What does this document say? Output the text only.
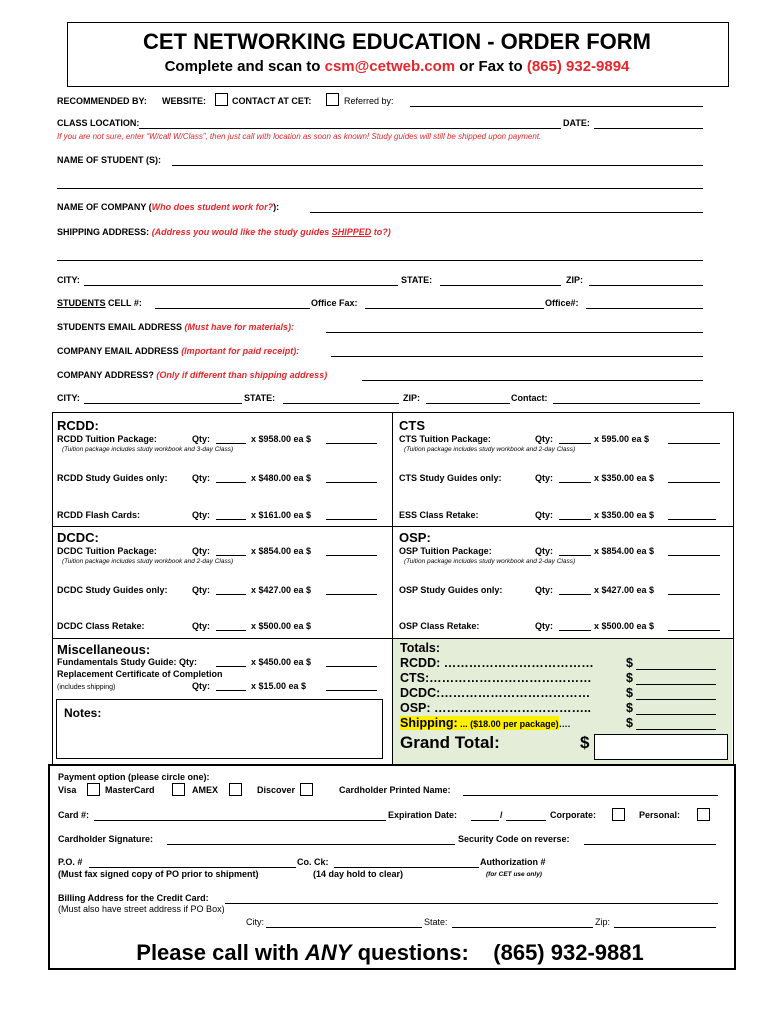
CET NETWORKING EDUCATION - ORDER FORM
Complete and scan to csm@cetweb.com or Fax to (865) 932-9894
RECOMMENDED BY: WEBSITE:	CONTACT AT CET:	Referred by:
CLASS LOCATION:	DATE:
If you are not sure, enter “W/call W/Class”, then just call with location as soon as known! Study guides will still be shipped upon payment.
NAME OF STUDENT (S):
NAME OF COMPANY (Who does student work for?):
SHIPPING ADDRESS: (Address you would like the study guides SHIPPED to?)
CITY:	STATE:	ZIP:
STUDENTS CELL #:	Office Fax:	Office#:
STUDENTS EMAIL ADDRESS (Must have for materials):
COMPANY EMAIL ADDRESS (Important for paid receipt):
COMPANY ADDRESS? (Only if different than shipping address)
CITY:	STATE:	ZIP:	Contact:
RCDD:
RCDD Tuition Package:	Qty:	x $958.00 ea $
(Tuition package includes study workbook and 3-day Class)
RCDD Study Guides only:	Qty:	x $480.00 ea $
RCDD Flash Cards:	Qty:	x $161.00 ea $
CTS
CTS Tuition Package:	Qty:	x 595.00 ea $
(Tuition package includes study workbook and 2-day Class)
CTS Study Guides only:	Qty:	x $350.00 ea $
ESS Class Retake:	Qty:	x $350.00 ea $
DCDC:
DCDC Tuition Package:	Qty:	x $854.00 ea $
(Tuition package includes study workbook and 2-day Class)
DCDC Study Guides only:	Qty:	x $427.00 ea $
DCDC Class Retake:	Qty:	x $500.00 ea $
OSP:
OSP Tuition Package:	Qty:	x $854.00 ea $
(Tuition package includes study workbook and 2-day Class)
OSP Study Guides only:	Qty:	x $427.00 ea $
OSP Class Retake:	Qty:	x $500.00 ea $
Miscellaneous:
Fundamentals Study Guide: Qty:	x $450.00 ea $
Replacement Certificate of Completion
(includes shipping)	Qty:	x $15.00 ea $
Notes:
Totals:
RCDD: ………………………………	$
CTS:…………………………………	$
DCDC:………………………………	$
OSP: ………………………………..	$
Shipping: ... ($18.00 per package)….	$
Grand Total:	$
Payment option (please circle one):
Visa	MasterCard	AMEX	Discover	Cardholder Printed Name:
Card #:	Expiration Date:	/	Corporate:	Personal:
Cardholder Signature:	Security Code on reverse:
P.O. #	Co. Ck:	Authorization #
(Must fax signed copy of PO prior to shipment)	(14 day hold to clear)	(for CET use only)
Billing Address for the Credit Card:
(Must also have street address if PO Box)
City:	State:	Zip:
Please call with ANY questions: (865) 932-9881
